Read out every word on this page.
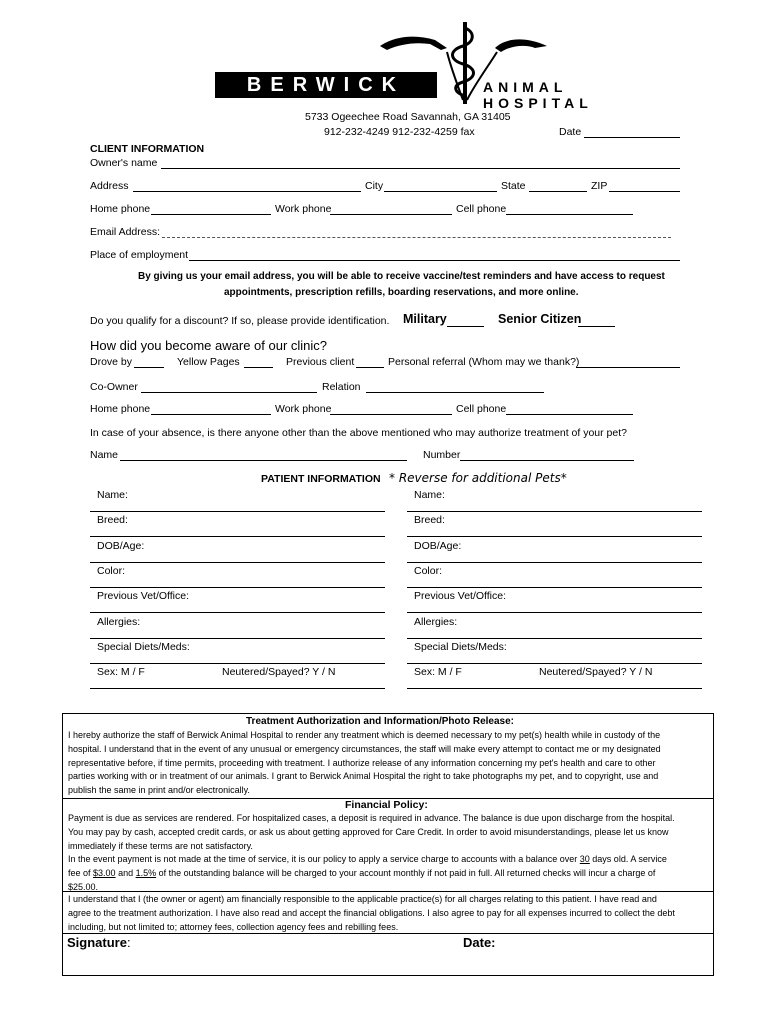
BERWICK	ANIMAL
HOSPITAL
5733 Ogeechee Road Savannah, GA 31405
912-232-4249 912-232-4259 fax	Date
CLIENT INFORMATION
Owner's name
Address	City	State	ZIP
Home phone	Work phone	Cell phone
Email Address:
Place of employment
By giving us your email address, you will be able to receive vaccine/test reminders and have access to request
appointments, prescription refills, boarding reservations, and more online.
Do you qualify for a discount? If so, please provide identification. Military	Senior Citizen
How did you become aware of our clinic?
Drove by	Yellow Pages	Previous client	Personal referral (Whom may we thank?)
Co-Owner	Relation
Home phone	Work phone	Cell phone
In case of your absence, is there anyone other than the above mentioned who may authorize treatment of your pet?
Name	Number
PATIENT INFORMATION * Reverse for additional Pets*
Name:
Breed:
DOB/Age:
Color:
Previous Vet/Office:
Allergies:
Special Diets/Meds:
Sex: M / F	Neutered/Spayed? Y / N
Name:
Breed:
DOB/Age:
Color:
Previous Vet/Office:
Allergies:
Special Diets/Meds:
Sex: M / F	Neutered/Spayed? Y / N
Treatment Authorization and Information/Photo Release:
I hereby authorize the staff of Berwick Animal Hospital to render any treatment which is deemed necessary to my pet(s) health while in custody of the
hospital. I understand that in the event of any unusual or emergency circumstances, the staff will make every attempt to contact me or my designated
representative before, if time permits, proceeding with treatment. I authorize release of any information concerning my pet's health and care to other
parties working with or in treatment of our animals. I grant to Berwick Animal Hospital the right to take photographs my pet, and to copyright, use and
publish the same in print and/or electronically.
Financial Policy:
Payment is due as services are rendered. For hospitalized cases, a deposit is required in advance. The balance is due upon discharge from the hospital.
You may pay by cash, accepted credit cards, or ask us about getting approved for Care Credit. In order to avoid misunderstandings, please let us know
immediately if these terms are not satisfactory.
In the event payment is not made at the time of service, it is our policy to apply a service charge to accounts with a balance over 30 days old. A service
fee of $3.00 and 1.5% of the outstanding balance will be charged to your account monthly if not paid in full. All returned checks will incur a charge of
$25.00.
I understand that I (the owner or agent) am financially responsible to the applicable practice(s) for all charges relating to this patient. I have read and
agree to the treatment authorization. I have also read and accept the financial obligations. I also agree to pay for all expenses incurred to collect the debt
including, but not limited to; attorney fees, collection agency fees and rebilling fees.
Signature:	Date:
